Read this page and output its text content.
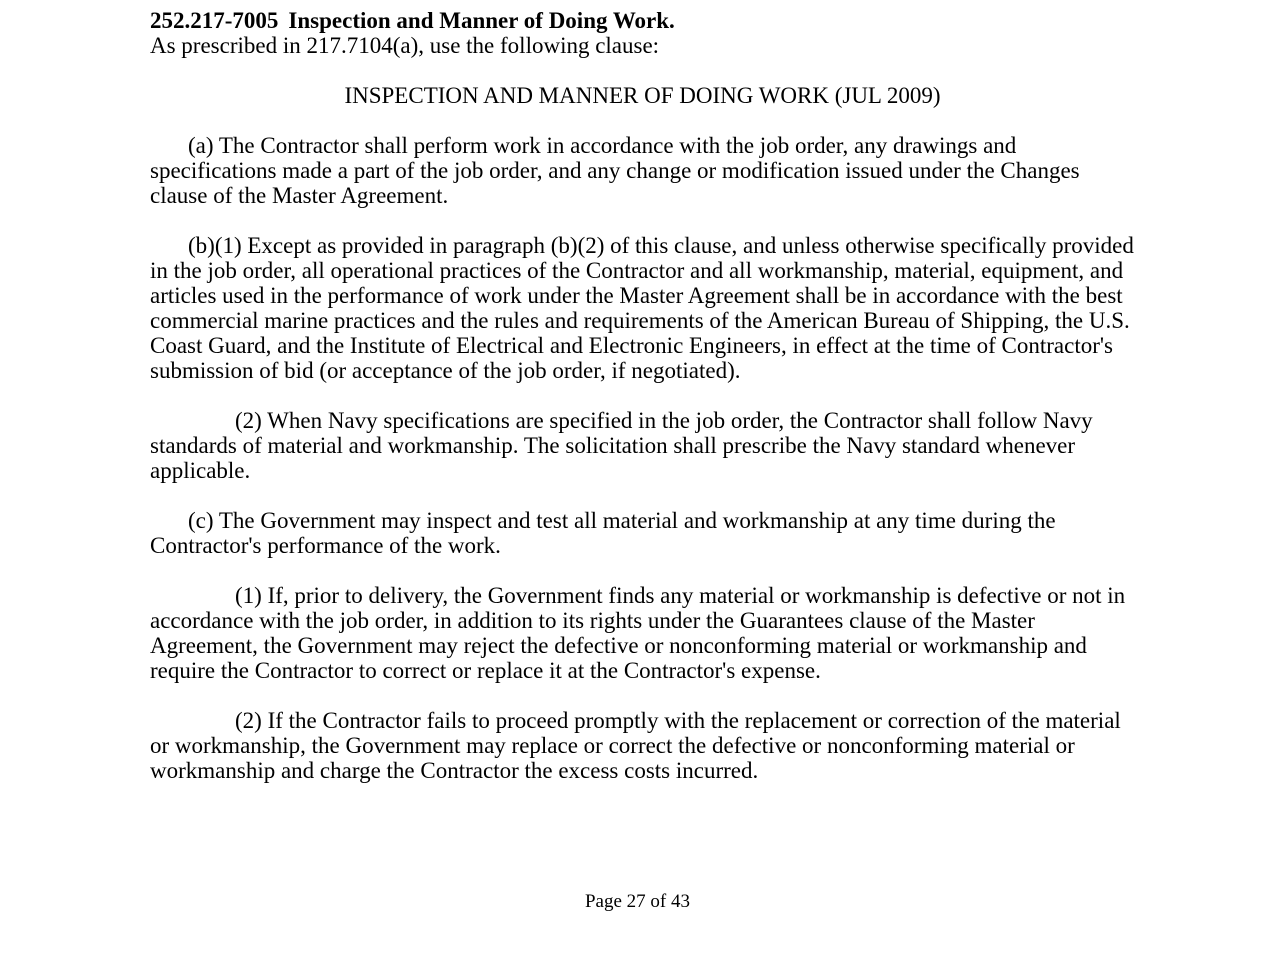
252.217-7005 Inspection and Manner of Doing Work.

As prescribed in 217.7104(a), use the following clause:

INSPECTION AND MANNER OF DOING WORK (JUL 2009)

(a) The Contractor shall perform work in accordance with the job order, any drawings and specifications made a part of the job order, and any change or modification issued under the Changes clause of the Master Agreement.

(b)(1) Except as provided in paragraph (b)(2) of this clause, and unless otherwise specifically provided in the job order, all operational practices of the Contractor and all workmanship, material, equipment, and articles used in the performance of work under the Master Agreement shall be in accordance with the best commercial marine practices and the rules and requirements of the American Bureau of Shipping, the U.S. Coast Guard, and the Institute of Electrical and Electronic Engineers, in effect at the time of Contractor's submission of bid (or acceptance of the job order, if negotiated).

(2) When Navy specifications are specified in the job order, the Contractor shall follow Navy standards of material and workmanship. The solicitation shall prescribe the Navy standard whenever applicable.

(c) The Government may inspect and test all material and workmanship at any time during the Contractor's performance of the work.

(1) If, prior to delivery, the Government finds any material or workmanship is defective or not in accordance with the job order, in addition to its rights under the Guarantees clause of the Master Agreement, the Government may reject the defective or nonconforming material or workmanship and require the Contractor to correct or replace it at the Contractor's expense.

(2) If the Contractor fails to proceed promptly with the replacement or correction of the material or workmanship, the Government may replace or correct the defective or nonconforming material or workmanship and charge the Contractor the excess costs incurred.

Page 27 of 43
